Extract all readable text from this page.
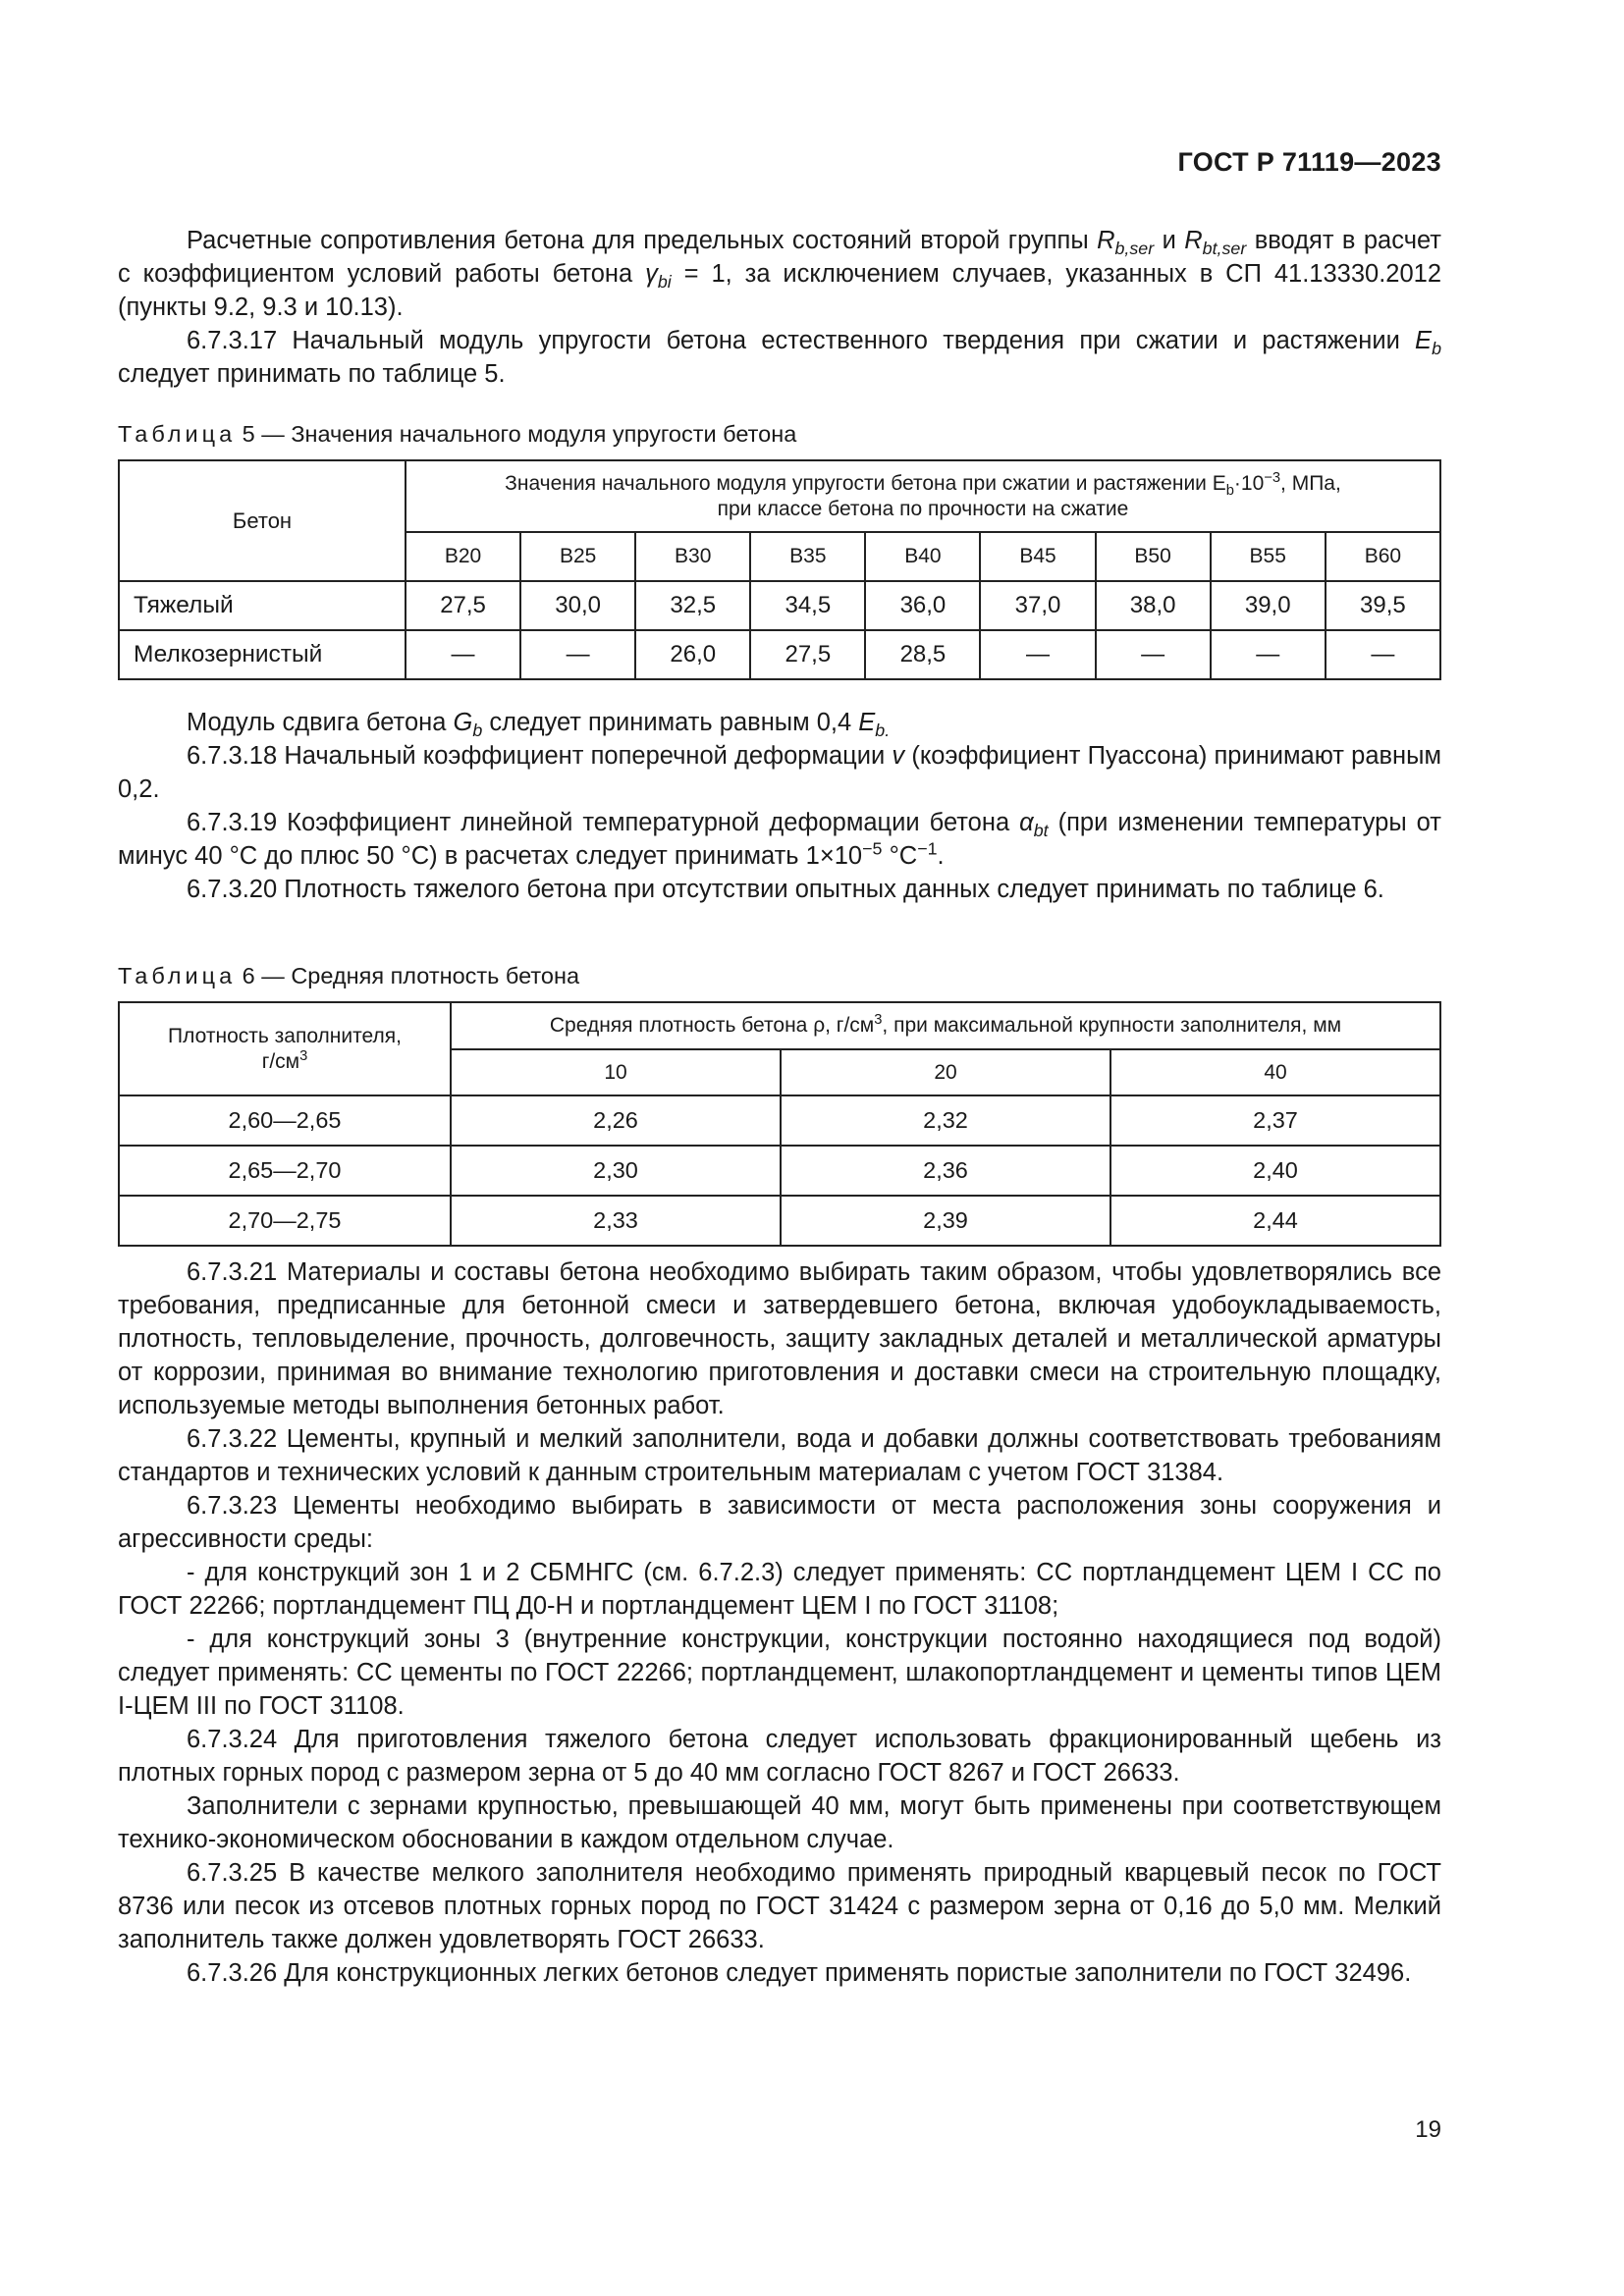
ГОСТ Р 71119—2023

Расчетные сопротивления бетона для предельных состояний второй группы $R_{b,ser}$ и $R_{bt,ser}$ вводят в расчет с коэффициентом условий работы бетона $\gamma_{bi} = 1$, за исключением случаев, указанных в СП 41.13330.2012 (пункты 9.2, 9.3 и 10.13).

6.7.3.17 Начальный модуль упругости бетона естественного твердения при сжатии и растяжении $E_b$ следует принимать по таблице 5.

Таблица 5 — Значения начального модуля упругости бетона
Бетон	Значения начального модуля упругости бетона при сжатии и растяжении $E_b\cdot 10^{-3}$, МПа,
при классе бетона по прочности на сжатие								
	B20	B25	B30	B35	B40	B45	B50	B55	B60
Тяжелый	27,5	30,0	32,5	34,5	36,0	37,0	38,0	39,0	39,5
Мелкозернистый	—	—	26,0	27,5	28,5	—	—	—	—

Модуль сдвига бетона $G_b$ следует принимать равным 0,4 $E_{b.}$

6.7.3.18 Начальный коэффициент поперечной деформации v (коэффициент Пуассона) принимают равным 0,2.

6.7.3.19 Коэффициент линейной температурной деформации бетона $\alpha_{bt}$ (при изменении температуры от минус 40 °C до плюс 50 °C) в расчетах следует принимать $1\times 10^{-5}$ $^\circ C^{-1}$.

6.7.3.20 Плотность тяжелого бетона при отсутствии опытных данных следует принимать по таблице 6.

Таблица 6 — Средняя плотность бетона
Плотность заполнителя,
$г/см^3$	Средняя плотность бетона ρ, $г/см^3$, при максимальной крупности заполнителя, мм		
	10	20	40
2,60—2,65	2,26	2,32	2,37
2,65—2,70	2,30	2,36	2,40
2,70—2,75	2,33	2,39	2,44

6.7.3.21 Материалы и составы бетона необходимо выбирать таким образом, чтобы удовлетворялись все требования, предписанные для бетонной смеси и затвердевшего бетона, включая удобоукладываемость, плотность, тепловыделение, прочность, долговечность, защиту закладных деталей и металлической арматуры от коррозии, принимая во внимание технологию приготовления и доставки смеси на строительную площадку, используемые методы выполнения бетонных работ.

6.7.3.22 Цементы, крупный и мелкий заполнители, вода и добавки должны соответствовать требованиям стандартов и технических условий к данным строительным материалам с учетом ГОСТ 31384.

6.7.3.23 Цементы необходимо выбирать в зависимости от места расположения зоны сооружения и агрессивности среды:

- для конструкций зон 1 и 2 СБМНГС (см. 6.7.2.3) следует применять: СС портландцемент ЦЕМ I СС по ГОСТ 22266; портландцемент ПЦ Д0-Н и портландцемент ЦЕМ I по ГОСТ 31108;

- для конструкций зоны 3 (внутренние конструкции, конструкции постоянно находящиеся под водой) следует применять: СС цементы по ГОСТ 22266; портландцемент, шлакопортландцемент и цементы типов ЦЕМ I-ЦЕМ III по ГОСТ 31108.

6.7.3.24 Для приготовления тяжелого бетона следует использовать фракционированный щебень из плотных горных пород с размером зерна от 5 до 40 мм согласно ГОСТ 8267 и ГОСТ 26633.

Заполнители с зернами крупностью, превышающей 40 мм, могут быть применены при соответствующем технико-экономическом обосновании в каждом отдельном случае.

6.7.3.25 В качестве мелкого заполнителя необходимо применять природный кварцевый песок по ГОСТ 8736 или песок из отсевов плотных горных пород по ГОСТ 31424 с размером зерна от 0,16 до 5,0 мм. Мелкий заполнитель также должен удовлетворять ГОСТ 26633.

6.7.3.26 Для конструкционных легких бетонов следует применять пористые заполнители по ГОСТ 32496.

19
